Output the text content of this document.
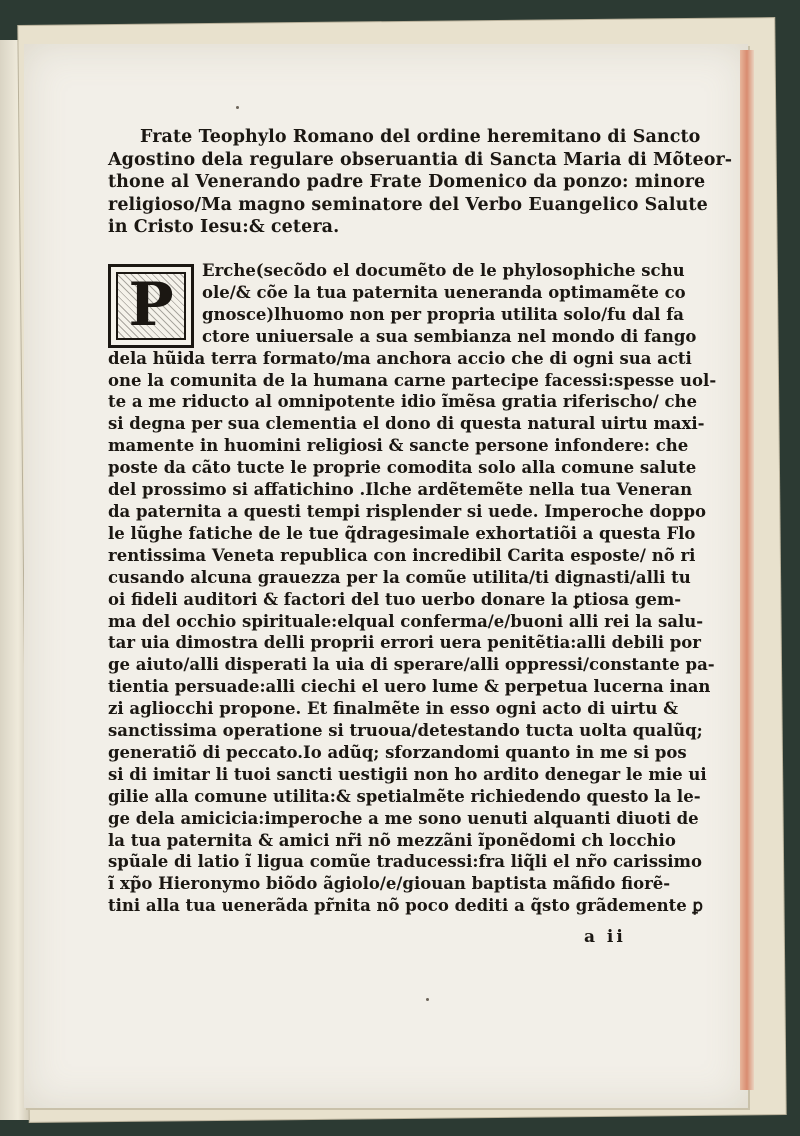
Frate Teophylo Romano del ordine heremitano di Sancto
Agostino dela regulare obseruantia di Sancta Maria di Mõteor-
thone al Venerando padre Frate Domenico da ponzo: minore
religioso/Ma magno seminatore del Verbo Euangelico Salute
in Cristo Iesu:& cetera.
P	Erche(secõdo el documẽto de le phylosophiche schu
ole/& cõe la tua paternita ueneranda optimamẽte co
gnosce)lhuomo non per propria utilita solo/fu dal fa
ctore uniuersale a sua sembianza nel mondo di fango
dela hũida terra formato/ma anchora accio che di ogni sua acti
one la comunita de la humana carne partecipe facessi:spesse uol-
te a me riducto al omnipotente idio ĩmẽsa gratia riferischo/ che
si degna per sua clementia el dono di questa natural uirtu maxi-
mamente in huomini religiosi & sancte persone infondere: che
poste da cãto tucte le proprie comodita solo alla comune salute
del prossimo si affatichino .Ilche ardẽtemẽte nella tua Veneran
da paternita a questi tempi risplender si uede. Imperoche doppo
le lũghe fatiche de le tue q̃dragesimale exhortatiõi a questa Flo
rentissima Veneta republica con incredibil Carita esposte/ nõ ri
cusando alcuna grauezza per la comũe utilita/ti dignasti/alli tu
oi fideli auditori & factori del tuo uerbo donare la ꝑtiosa gem-
ma del occhio spirituale:elqual conferma/e/buoni alli rei la salu-
tar uia dimostra delli proprii errori uera penitẽtia:alli debili por
ge aiuto/alli disperati la uia di sperare/alli oppressi/constante pa-
tientia persuade:alli ciechi el uero lume & perpetua lucerna inan
zi agliocchi propone. Et finalmẽte in esso ogni acto di uirtu &
sanctissima operatione si truoua/detestando tucta uolta qualũq;
generatiõ di peccato.Io adũq; sforzandomi quanto in me si pos
si di imitar li tuoi sancti uestigii non ho ardito denegar le mie ui
gilie alla comune utilita:& spetialmẽte richiedendo questo la le-
ge dela amicicia:imperoche a me sono uenuti alquanti diuoti de
la tua paternita & amici nr̃i nõ mezzãni ĩponẽdomi ch locchio
spũale di latio ĩ ligua comũe traducessi:fra liq̃li el nr̃o carissimo
ĩ xp̃o Hieronymo biõdo ãgiolo/e/giouan baptista mãfido fiorẽ-
tini alla tua uenerãda pr̃nita nõ poco dediti a q̃sto grãdemente ꝑ
a ii
